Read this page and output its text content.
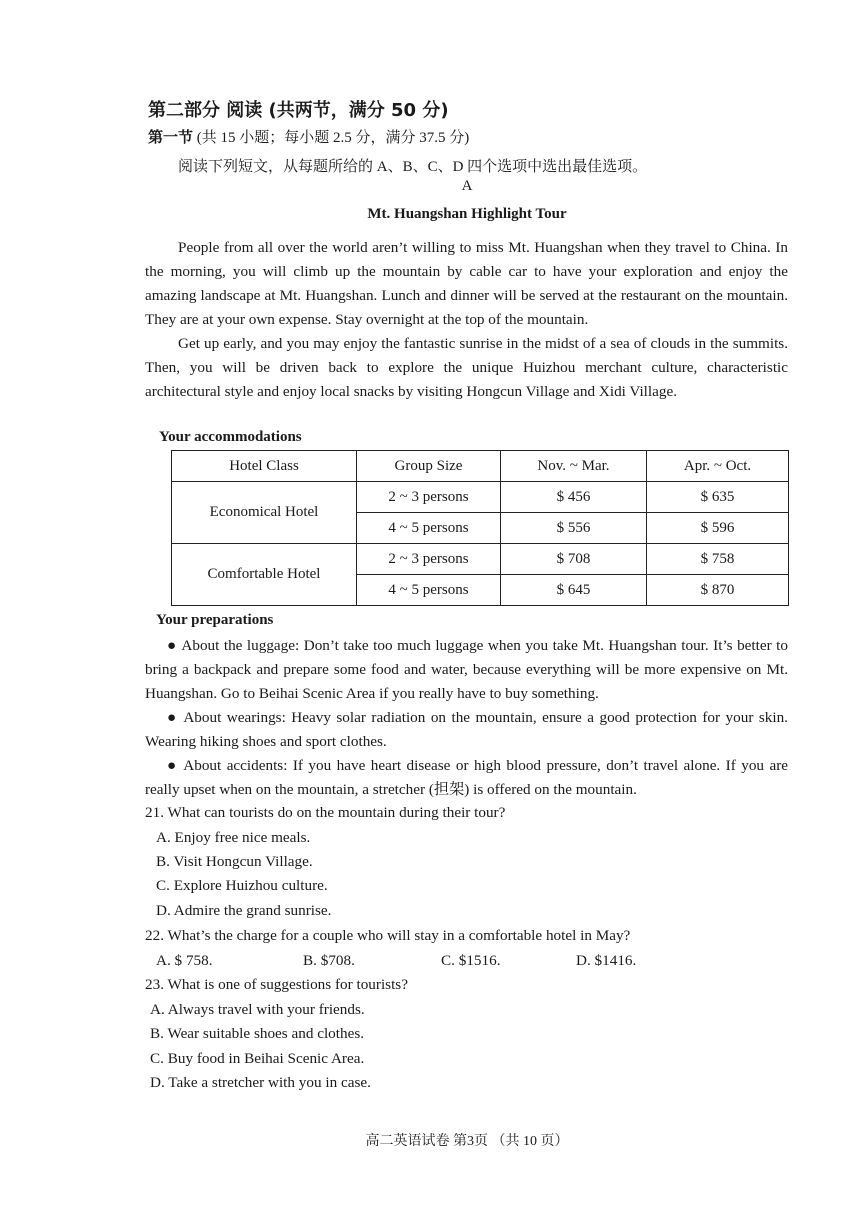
第二部分 阅读 (共两节，满分 50 分)
第一节 (共 15 小题；每小题 2.5 分，满分 37.5 分)
阅读下列短文，从每题所给的 A、B、C、D 四个选项中选出最佳选项。
A
Mt. Huangshan Highlight Tour

People from all over the world aren’t willing to miss Mt. Huangshan when they travel to China. In the morning, you will climb up the mountain by cable car to have your exploration and enjoy the amazing landscape at Mt. Huangshan. Lunch and dinner will be served at the restaurant on the mountain. They are at your own expense. Stay overnight at the top of the mountain.

Get up early, and you may enjoy the fantastic sunrise in the midst of a sea of clouds in the summits. Then, you will be driven back to explore the unique Huizhou merchant culture, characteristic architectural style and enjoy local snacks by visiting Hongcun Village and Xidi Village.

Your accommodations
Hotel Class	Group Size	Nov. ~ Mar.	Apr. ~ Oct.
Economical Hotel	2 ~ 3 persons	$ 456	$ 635
	4 ~ 5 persons	$ 556	$ 596
Comfortable Hotel	2 ~ 3 persons	$ 708	$ 758
	4 ~ 5 persons	$ 645	$ 870
Your preparations

● About the luggage: Don’t take too much luggage when you take Mt. Huangshan tour. It’s better to bring a backpack and prepare some food and water, because everything will be more expensive on Mt. Huangshan. Go to Beihai Scenic Area if you really have to buy something.

● About wearings: Heavy solar radiation on the mountain, ensure a good protection for your skin. Wearing hiking shoes and sport clothes.

● About accidents: If you have heart disease or high blood pressure, don’t travel alone. If you are really upset when on the mountain, a stretcher (担架) is offered on the mountain.

21. What can tourists do on the mountain during their tour?
A. Enjoy free nice meals.
B. Visit Hongcun Village.
C. Explore Huizhou culture.
D. Admire the grand sunrise.
22. What’s the charge for a couple who will stay in a comfortable hotel in May?
A. $ 758.	B. $708.	C. $1516.	D. $1416.
23. What is one of suggestions for tourists?
A. Always travel with your friends.
B. Wear suitable shoes and clothes.
C. Buy food in Beihai Scenic Area.
D. Take a stretcher with you in case.
高二英语试卷 第3页 （共 10 页）
